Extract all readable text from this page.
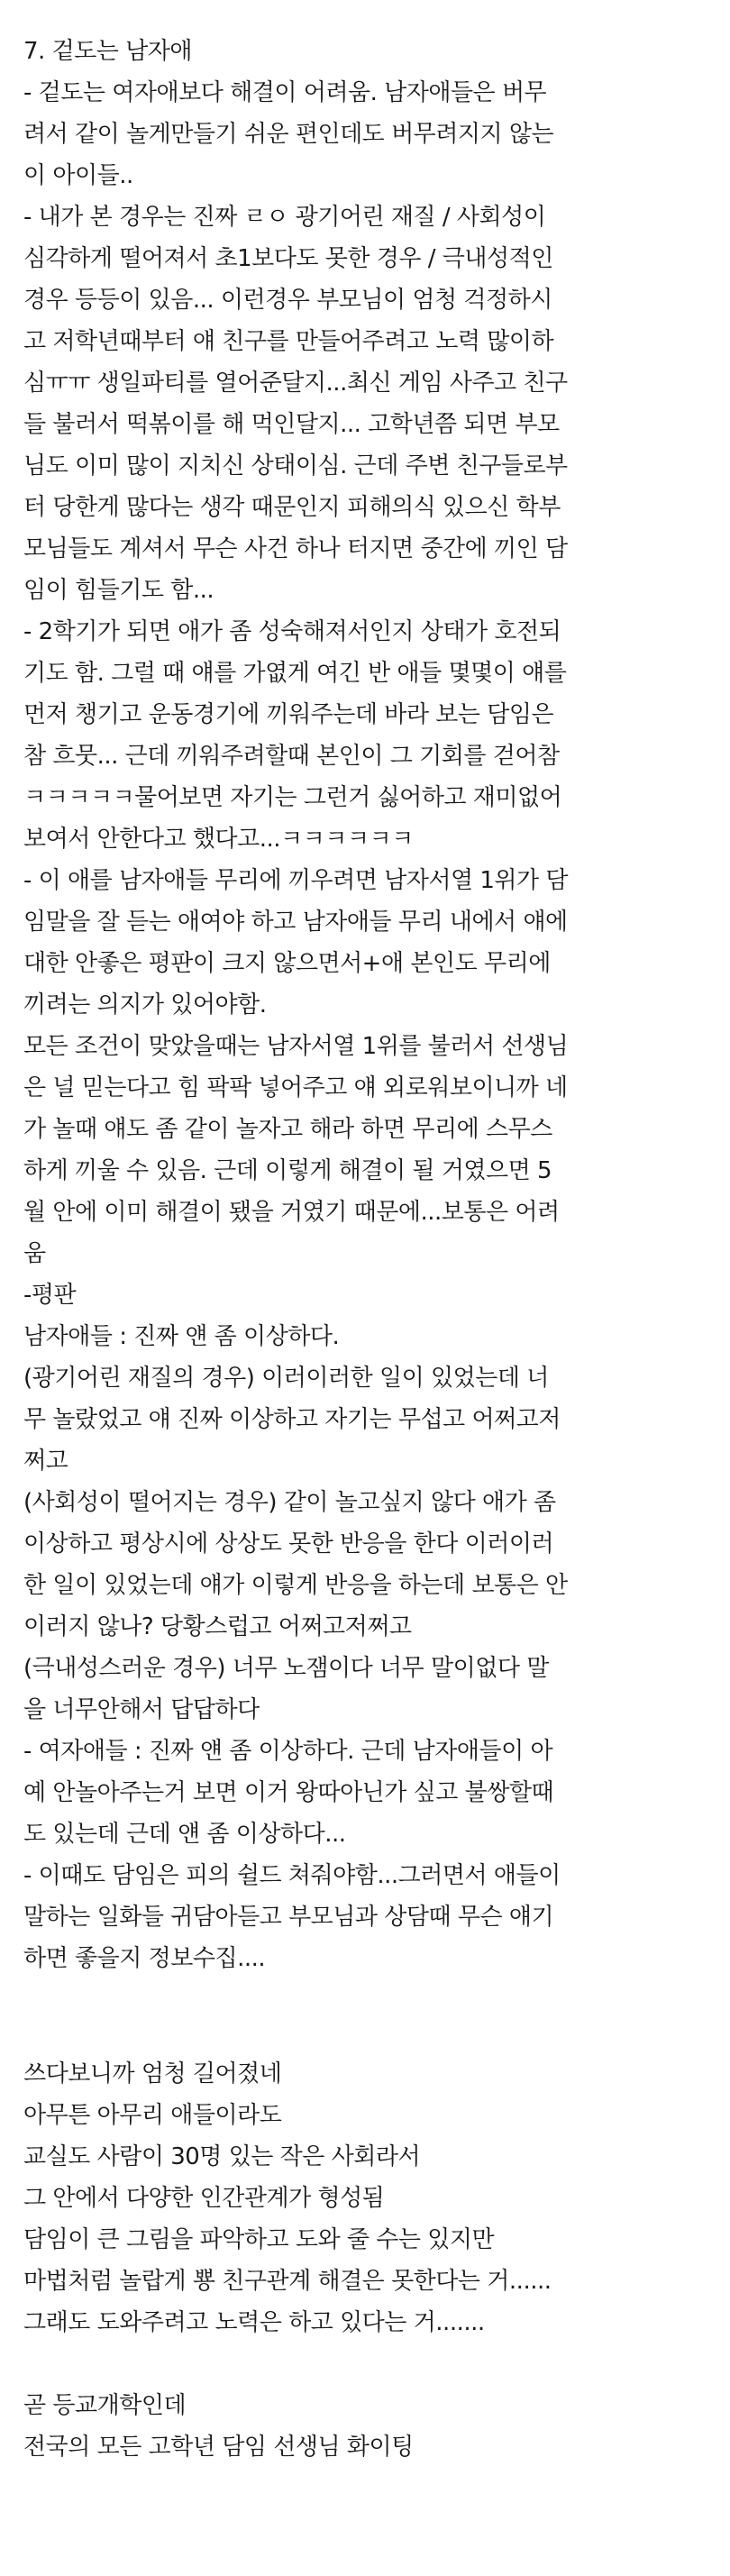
7. 겉도는 남자애
- 겉도는 여자애보다 해결이 어려움. 남자애들은 버무
려서 같이 놀게만들기 쉬운 편인데도 버무려지지 않는
이 아이들..
- 내가 본 경우는 진짜 ㄹㅇ 광기어린 재질 / 사회성이
심각하게 떨어져서 초1보다도 못한 경우 / 극내성적인
경우 등등이 있음... 이런경우 부모님이 엄청 걱정하시
고 저학년때부터 얘 친구를 만들어주려고 노력 많이하
심ㅠㅠ 생일파티를 열어준달지...최신 게임 사주고 친구
들 불러서 떡볶이를 해 먹인달지... 고학년쯤 되면 부모
님도 이미 많이 지치신 상태이심. 근데 주변 친구들로부
터 당한게 많다는 생각 때문인지 피해의식 있으신 학부
모님들도 계셔서 무슨 사건 하나 터지면 중간에 끼인 담
임이 힘들기도 함...
- 2학기가 되면 애가 좀 성숙해져서인지 상태가 호전되
기도 함. 그럴 때 얘를 가엾게 여긴 반 애들 몇몇이 얘를
먼저 챙기고 운동경기에 끼워주는데 바라 보는 담임은
참 흐뭇... 근데 끼워주려할때 본인이 그 기회를 걷어참
ㅋㅋㅋㅋㅋ물어보면 자기는 그런거 싫어하고 재미없어
보여서 안한다고 했다고...ㅋㅋㅋㅋㅋㅋ
- 이 애를 남자애들 무리에 끼우려면 남자서열 1위가 담
임말을 잘 듣는 애여야 하고 남자애들 무리 내에서 얘에
대한 안좋은 평판이 크지 않으면서+애 본인도 무리에
끼려는 의지가 있어야함.
모든 조건이 맞았을때는 남자서열 1위를 불러서 선생님
은 널 믿는다고 힘 팍팍 넣어주고 얘 외로워보이니까 네
가 놀때 얘도 좀 같이 놀자고 해라 하면 무리에 스무스
하게 끼울 수 있음. 근데 이렇게 해결이 될 거였으면 5
월 안에 이미 해결이 됐을 거였기 때문에...보통은 어려
움
-평판
남자애들 : 진짜 얜 좀 이상하다.
(광기어린 재질의 경우) 이러이러한 일이 있었는데 너
무 놀랐었고 얘 진짜 이상하고 자기는 무섭고 어쩌고저
쩌고
(사회성이 떨어지는 경우) 같이 놀고싶지 않다 애가 좀
이상하고 평상시에 상상도 못한 반응을 한다 이러이러
한 일이 있었는데 얘가 이렇게 반응을 하는데 보통은 안
이러지 않나? 당황스럽고 어쩌고저쩌고
(극내성스러운 경우) 너무 노잼이다 너무 말이없다 말
을 너무안해서 답답하다
- 여자애들 : 진짜 얜 좀 이상하다. 근데 남자애들이 아
예 안놀아주는거 보면 이거 왕따아닌가 싶고 불쌍할때
도 있는데 근데 얜 좀 이상하다...
- 이때도 담임은 피의 쉴드 쳐줘야함...그러면서 애들이
말하는 일화들 귀담아듣고 부모님과 상담때 무슨 얘기
하면 좋을지 정보수집....
쓰다보니까 엄청 길어졌네
아무튼 아무리 애들이라도
교실도 사람이 30명 있는 작은 사회라서
그 안에서 다양한 인간관계가 형성됨
담임이 큰 그림을 파악하고 도와 줄 수는 있지만
마법처럼 놀랍게 뿅 친구관계 해결은 못한다는 거......
그래도 도와주려고 노력은 하고 있다는 거.......
곧 등교개학인데
전국의 모든 고학년 담임 선생님 화이팅
